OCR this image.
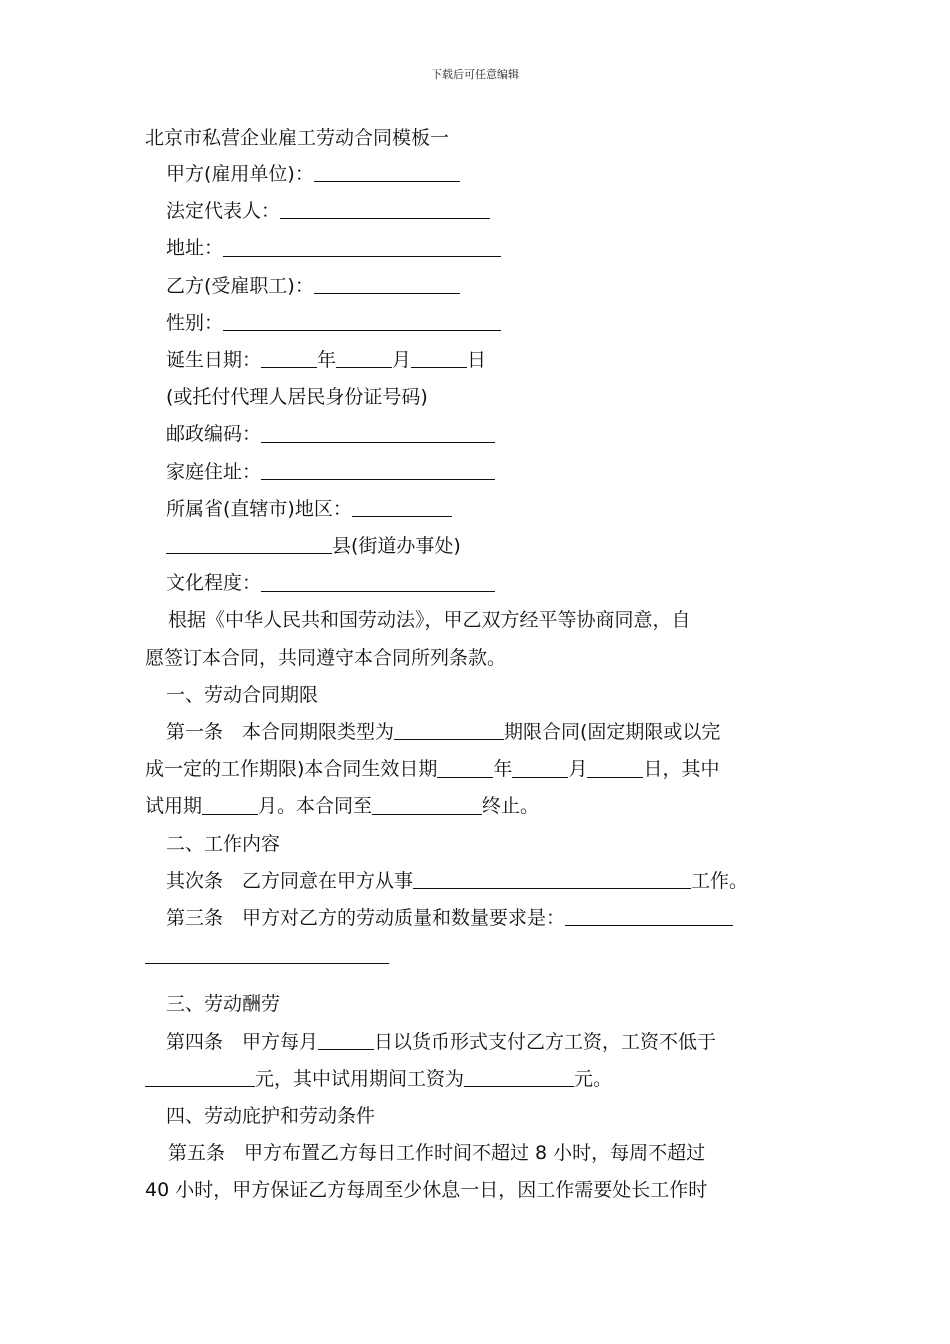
下载后可任意编辑
北京市私营企业雇工劳动合同模板一
甲方(雇用单位)：
法定代表人：
地址：
乙方(受雇职工)：
性别：
诞生日期：	年	月	日
(或托付代理人居民身份证号码)
邮政编码：
家庭住址：
所属省(直辖市)地区：
县(街道办事处)
文化程度：
根据《中华人民共和国劳动法》，甲乙双方经平等协商同意，自
愿签订本合同，共同遵守本合同所列条款。
一、劳动合同期限
第一条　本合同期限类型为	期限合同(固定期限或以完
成一定的工作期限)本合同生效日期	年	月	日，其中
试用期	月。本合同至	终止。
二、工作内容
其次条　乙方同意在甲方从事	工作。
第三条　甲方对乙方的劳动质量和数量要求是：
三、劳动酬劳
第四条　甲方每月	日以货币形式支付乙方工资，工资不低于
元，其中试用期间工资为	元。
四、劳动庇护和劳动条件
第五条　甲方布置乙方每日工作时间不超过 8 小时，每周不超过
40 小时，甲方保证乙方每周至少休息一日，因工作需要处长工作时
